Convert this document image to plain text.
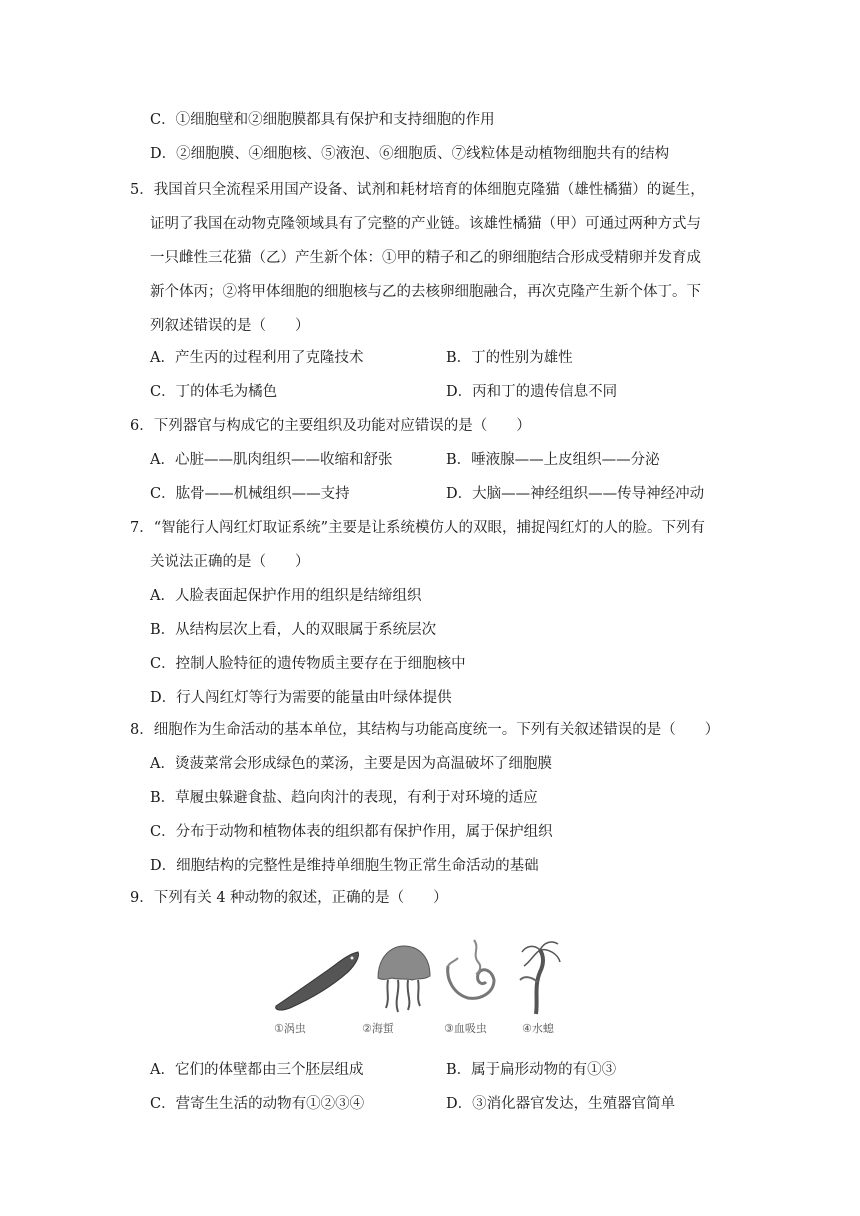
C．①细胞壁和②细胞膜都具有保护和支持细胞的作用
D．②细胞膜、④细胞核、⑤液泡、⑥细胞质、⑦线粒体是动植物细胞共有的结构
5．我国首只全流程采用国产设备、试剂和耗材培育的体细胞克隆猫（雄性橘猫）的诞生，
证明了我国在动物克隆领域具有了完整的产业链。该雄性橘猫（甲）可通过两种方式与
一只雌性三花猫（乙）产生新个体：①甲的精子和乙的卵细胞结合形成受精卵并发育成
新个体丙；②将甲体细胞的细胞核与乙的去核卵细胞融合，再次克隆产生新个体丁。下
列叙述错误的是（　　）
A．产生丙的过程利用了克隆技术	B．丁的性别为雄性
C．丁的体毛为橘色	D．丙和丁的遗传信息不同
6．下列器官与构成它的主要组织及功能对应错误的是（　　）
A．心脏——肌肉组织——收缩和舒张	B．唾液腺——上皮组织——分泌
C．肱骨——机械组织——支持	D．大脑——神经组织——传导神经冲动
7．“智能行人闯红灯取证系统”主要是让系统模仿人的双眼，捕捉闯红灯的人的脸。下列有
关说法正确的是（　　）
A．人脸表面起保护作用的组织是结缔组织
B．从结构层次上看，人的双眼属于系统层次
C．控制人脸特征的遗传物质主要存在于细胞核中
D．行人闯红灯等行为需要的能量由叶绿体提供
8．细胞作为生命活动的基本单位，其结构与功能高度统一。下列有关叙述错误的是（　　）
A．烫菠菜常会形成绿色的菜汤，主要是因为高温破坏了细胞膜
B．草履虫躲避食盐、趋向肉汁的表现，有利于对环境的适应
C．分布于动物和植物体表的组织都有保护作用，属于保护组织
D．细胞结构的完整性是维持单细胞生物正常生命活动的基础
9．下列有关 4 种动物的叙述，正确的是（　　）
①涡虫	②海蜇	③血吸虫	④水螅
A．它们的体壁都由三个胚层组成	B．属于扁形动物的有①③
C．营寄生生活的动物有①②③④	D．③消化器官发达，生殖器官简单
